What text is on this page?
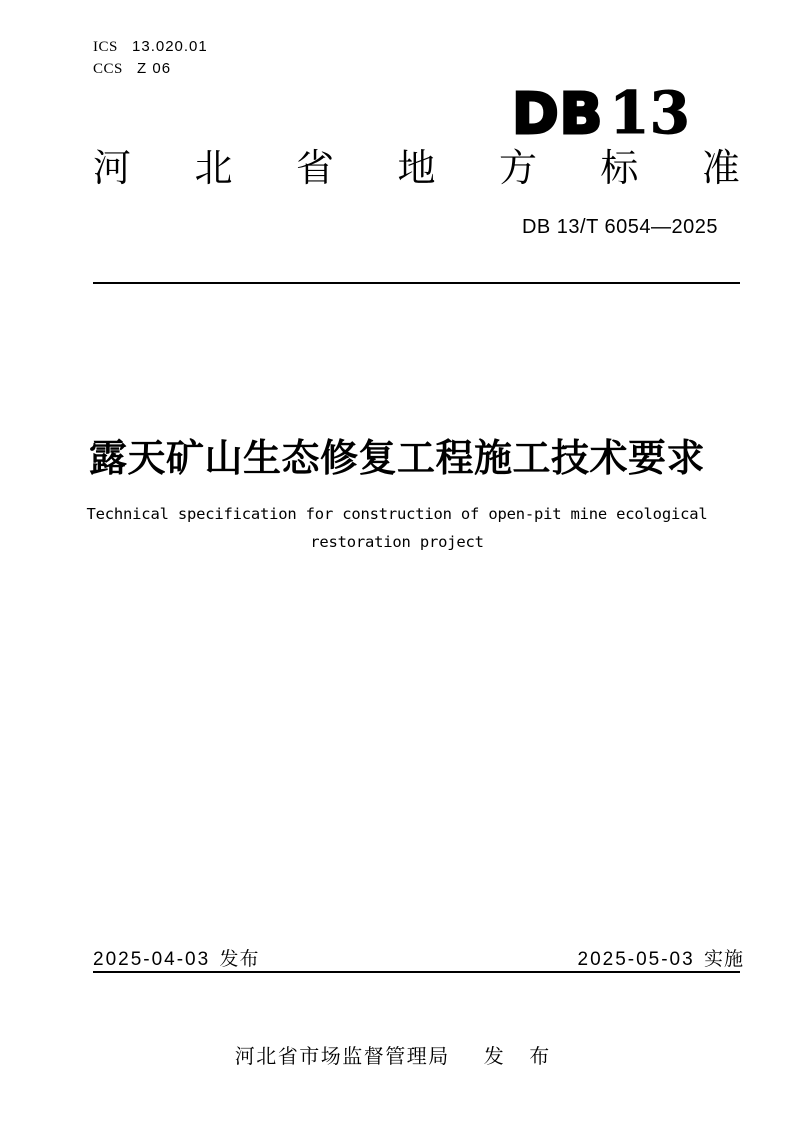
ICS 13.020.01
CCS Z 06
DB 13
河 北 省 地 方 标 准
DB 13/T 6054—2025
露天矿山生态修复工程施工技术要求
Technical specification for construction of open-pit mine ecological
restoration project
2025-04-03 发布	2025-05-03 实施
河北省市场监督管理局 发 布
